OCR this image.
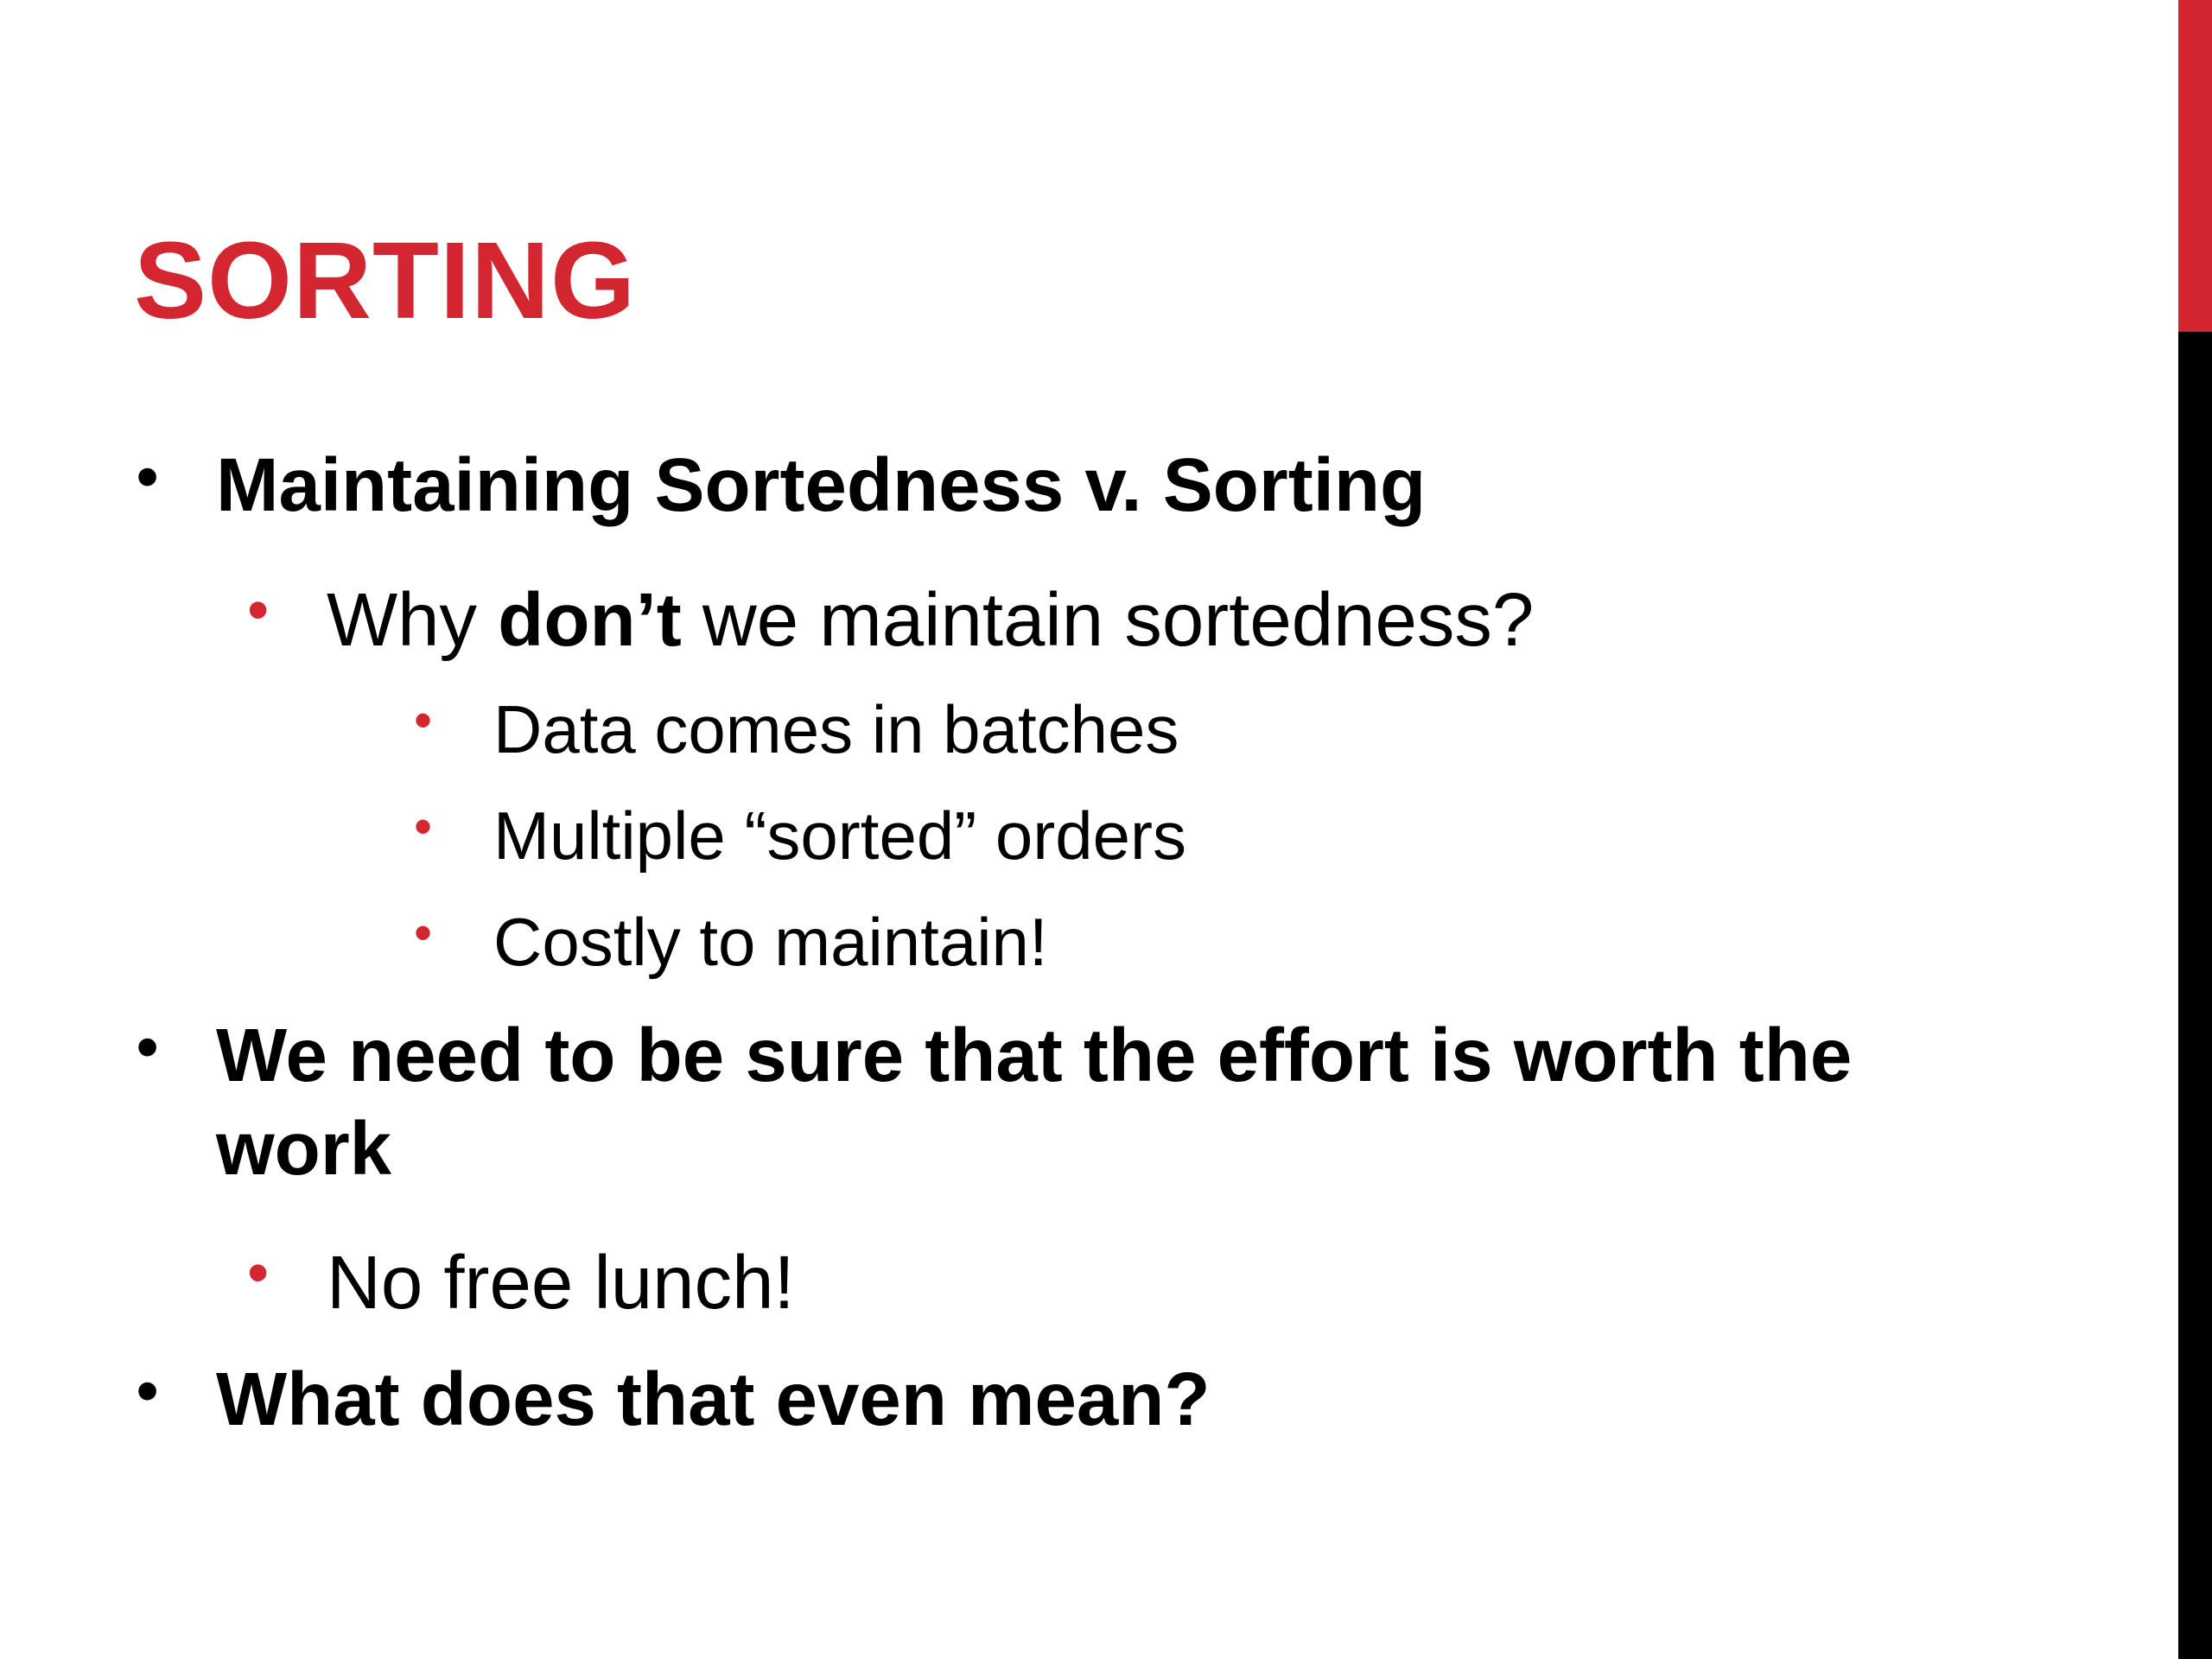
SORTING
• Maintaining Sortedness v. Sorting
• Why don’t we maintain sortedness?
• Data comes in batches
• Multiple “sorted” orders
• Costly to maintain!
• We need to be sure that the effort is worth the work
• No free lunch!
• What does that even mean?
